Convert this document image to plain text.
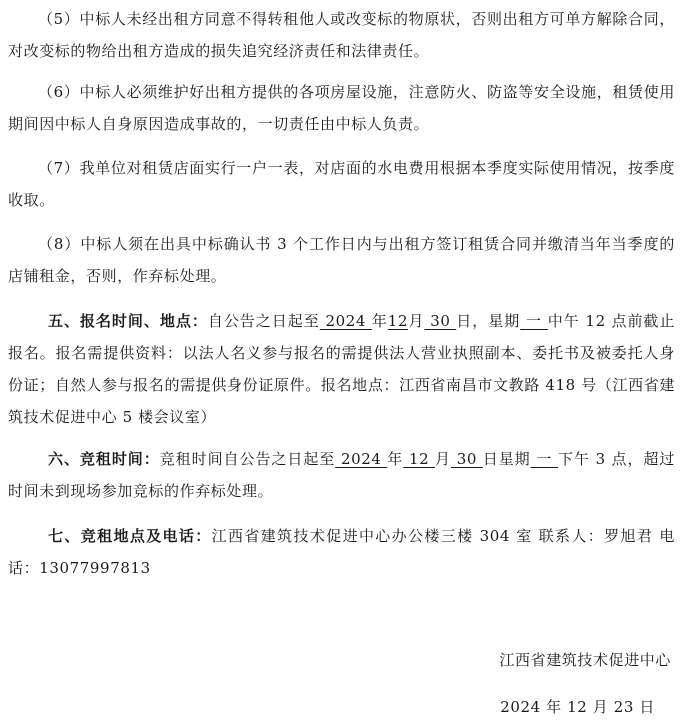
（5）中标人未经出租方同意不得转租他人或改变标的物原状，否则出租方可单方解除合同，对改变标的物给出租方造成的损失追究经济责任和法律责任。

（6）中标人必须维护好出租方提供的各项房屋设施，注意防火、防盗等安全设施，租赁使用期间因中标人自身原因造成事故的，一切责任由中标人负责。

（7）我单位对租赁店面实行一户一表，对店面的水电费用根据本季度实际使用情况，按季度收取。

（8）中标人须在出具中标确认书 3 个工作日内与出租方签订租赁合同并缴清当年当季度的店铺租金，否则，作弃标处理。

五、报名时间、地点：自公告之日起至 2024 年12月 30 日，星期 一 中午 12 点前截止报名。报名需提供资料：以法人名义参与报名的需提供法人营业执照副本、委托书及被委托人身份证；自然人参与报名的需提供身份证原件。报名地点：江西省南昌市文教路 418 号（江西省建筑技术促进中心 5 楼会议室）

六、竞租时间：竞租时间自公告之日起至 2024 年 12 月 30 日星期 一 下午 3 点，超过时间未到现场参加竞标的作弃标处理。

七、竞租地点及电话：江西省建筑技术促进中心办公楼三楼 304 室 联系人：罗旭君 电话：13077997813

江西省建筑技术促进中心
2024 年 12 月 23 日
